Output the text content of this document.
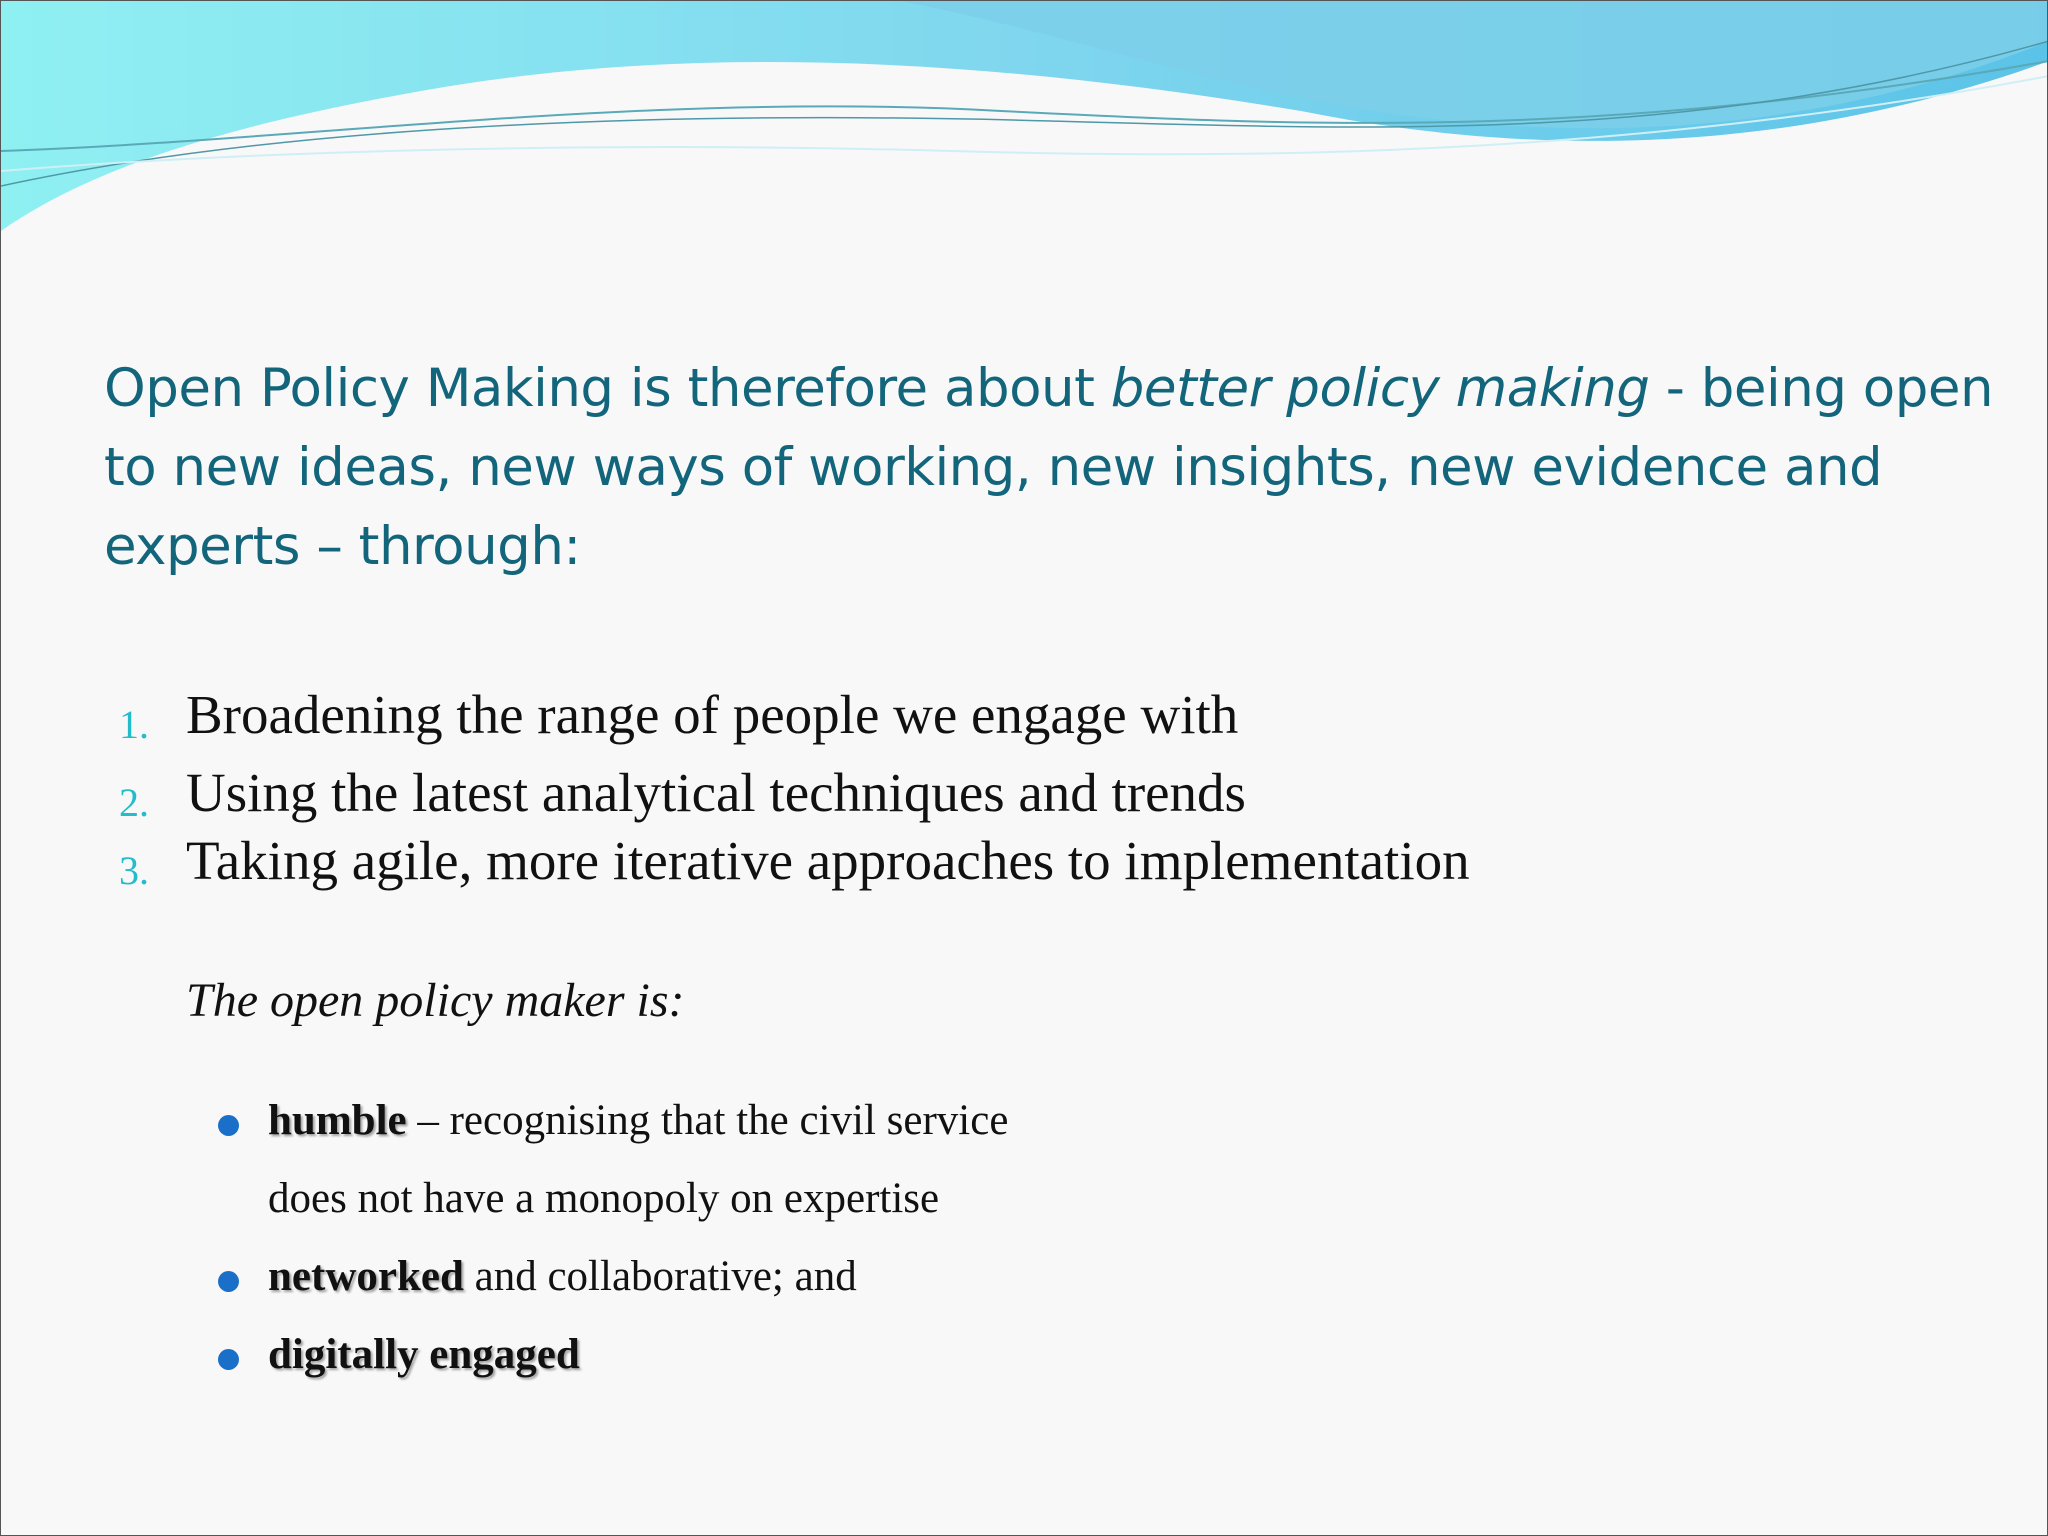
Open Policy Making is therefore about better policy making - being open to new ideas, new ways of working, new insights, new evidence and experts – through:
1. Broadening the range of people we engage with
2. Using the latest analytical techniques and trends
3. Taking agile, more iterative approaches to implementation
The open policy maker is:
humble – recognising that the civil service
does not have a monopoly on expertise
networked and collaborative; and
digitally engaged
